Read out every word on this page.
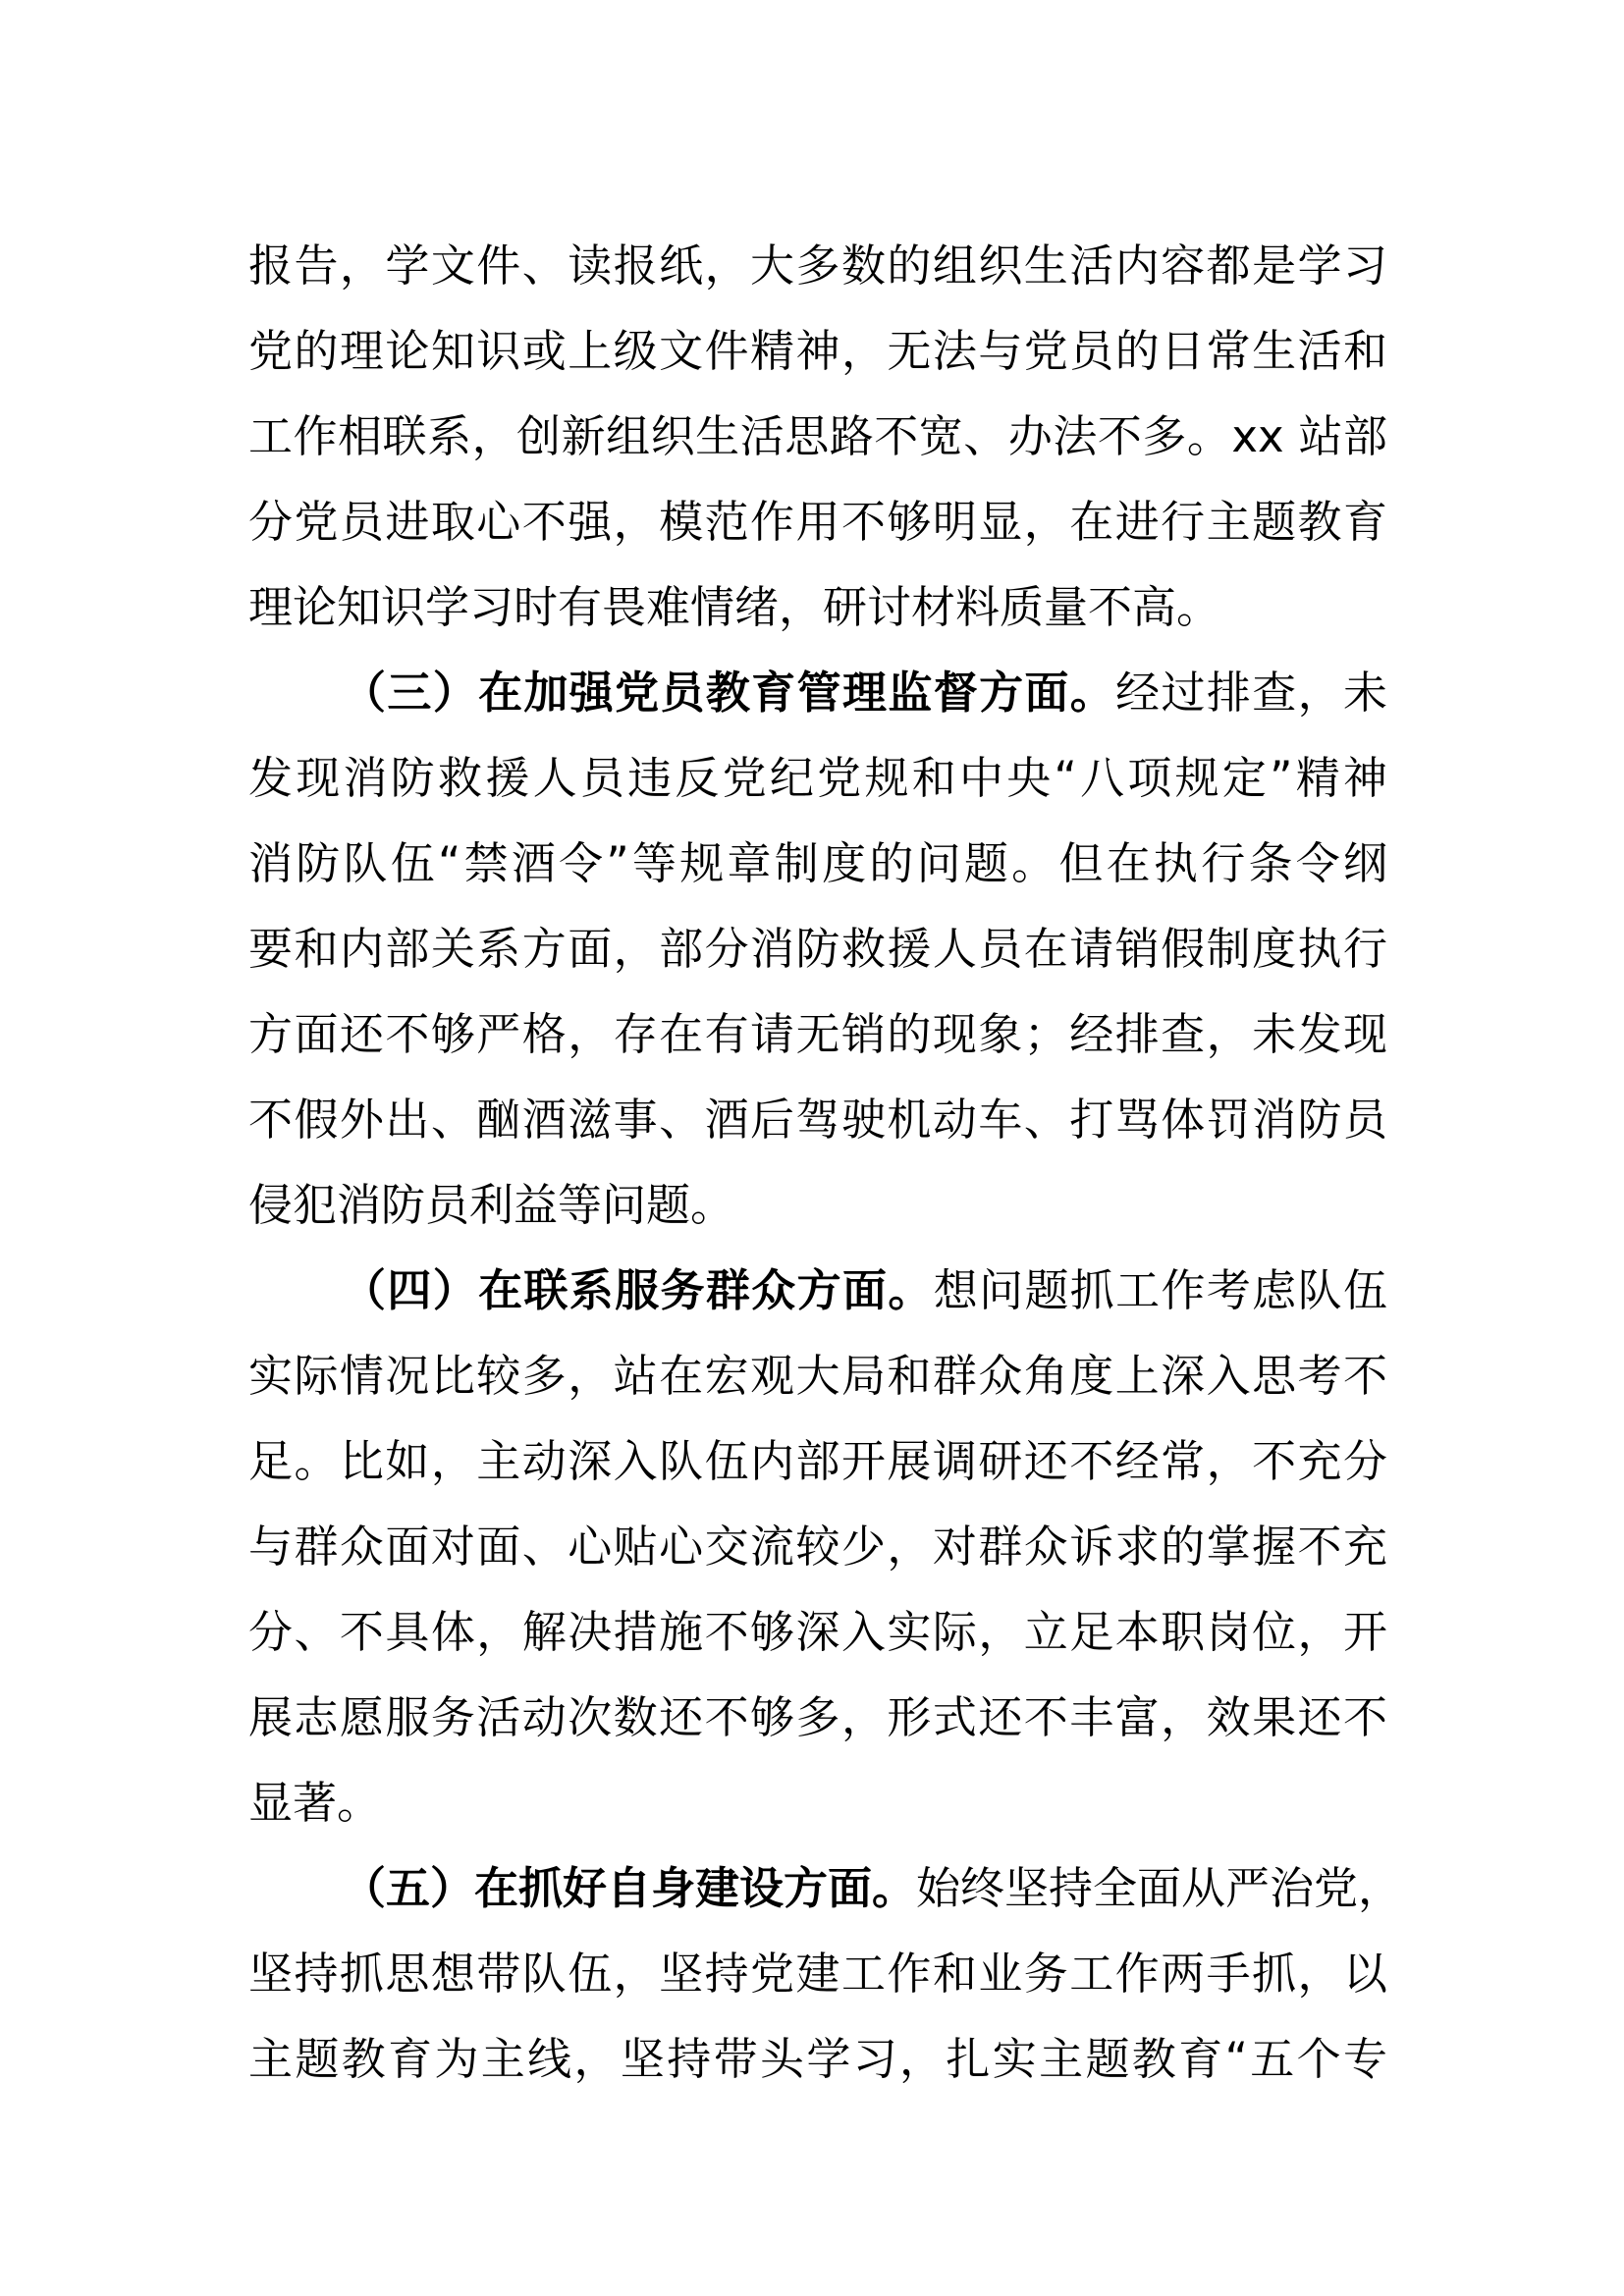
报告，学文件、读报纸，大多数的组织生活内容都是学习
党的理论知识或上级文件精神，无法与党员的日常生活和
工作相联系，创新组织生活思路不宽、办法不多。xx 站部
分党员进取心不强，模范作用不够明显，在进行主题教育
理论知识学习时有畏难情绪，研讨材料质量不高。
（三）在加强党员教育管理监督方面。经过排查，未
发现消防救援人员违反党纪党规和中央“八项规定”精神
消防队伍“禁酒令”等规章制度的问题。但在执行条令纲
要和内部关系方面，部分消防救援人员在请销假制度执行
方面还不够严格，存在有请无销的现象；经排查，未发现
不假外出、酗酒滋事、酒后驾驶机动车、打骂体罚消防员
侵犯消防员利益等问题。
（四）在联系服务群众方面。想问题抓工作考虑队伍
实际情况比较多，站在宏观大局和群众角度上深入思考不
足。比如，主动深入队伍内部开展调研还不经常，不充分
与群众面对面、心贴心交流较少，对群众诉求的掌握不充
分、不具体，解决措施不够深入实际，立足本职岗位，开
展志愿服务活动次数还不够多，形式还不丰富，效果还不
显著。
（五）在抓好自身建设方面。始终坚持全面从严治党，
坚持抓思想带队伍，坚持党建工作和业务工作两手抓，以
主题教育为主线，坚持带头学习，扎实主题教育“五个专
